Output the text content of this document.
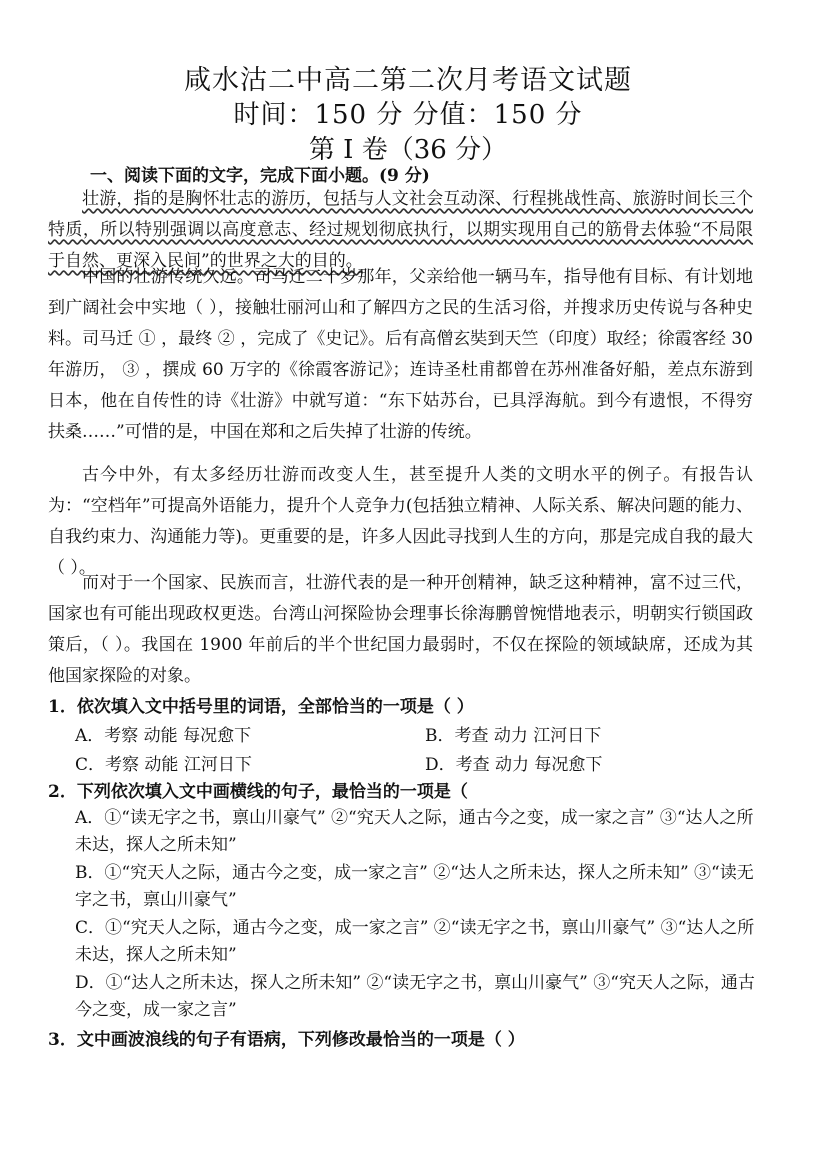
咸水沽二中高二第二次月考语文试题
时间：150 分 分值：150 分
第 I 卷（36 分）
一、阅读下面的文字，完成下面小题。(9 分)
壮游，指的是胸怀壮志的游历，包括与人文社会互动深、行程挑战性高、旅游时间长三个特质，所以特别强调以高度意志、经过规划彻底执行，以期实现用自己的筋骨去体验“不局限于自然、更深入民间”的世界之大的目的。
中国的壮游传统久远。司马迁二十岁那年，父亲给他一辆马车，指导他有目标、有计划地到广阔社会中实地（ ），接触壮丽河山和了解四方之民的生活习俗，并搜求历史传说与各种史料。司马迁 ① ，最终 ② ，完成了《史记》。后有高僧玄奘到天竺（印度）取经；徐霞客经 30 年游历， ③ ，撰成 60 万字的《徐霞客游记》；连诗圣杜甫都曾在苏州准备好船，差点东游到日本，他在自传性的诗《壮游》中就写道：“东下姑苏台，已具浮海航。到今有遗恨，不得穷扶桑……”可惜的是，中国在郑和之后失掉了壮游的传统。
古今中外，有太多经历壮游而改变人生，甚至提升人类的文明水平的例子。有报告认为：“空档年”可提高外语能力，提升个人竞争力(包括独立精神、人际关系、解决问题的能力、自我约束力、沟通能力等)。更重要的是，许多人因此寻找到人生的方向，那是完成自我的最大（ ）。
而对于一个国家、民族而言，壮游代表的是一种开创精神，缺乏这种精神，富不过三代，国家也有可能出现政权更迭。台湾山河探险协会理事长徐海鹏曾惋惜地表示，明朝实行锁国政策后，（ ）。我国在 1900 年前后的半个世纪国力最弱时，不仅在探险的领域缺席，还成为其他国家探险的对象。
1．依次填入文中括号里的词语，全部恰当的一项是（ ）
A．考察 动能 每况愈下	B．考查 动力 江河日下
C．考察 动能 江河日下	D．考查 动力 每况愈下
2．下列依次填入文中画横线的句子，最恰当的一项是（
A．①“读无字之书，禀山川豪气” ②“究天人之际，通古今之变，成一家之言” ③“达人之所未达，探人之所未知”
B．①“究天人之际，通古今之变，成一家之言” ②“达人之所未达，探人之所未知” ③“读无字之书，禀山川豪气”
C．①“究天人之际，通古今之变，成一家之言” ②“读无字之书，禀山川豪气” ③“达人之所未达，探人之所未知”
D．①“达人之所未达，探人之所未知” ②“读无字之书，禀山川豪气” ③“究天人之际，通古今之变，成一家之言”
3．文中画波浪线的句子有语病，下列修改最恰当的一项是（ ）
